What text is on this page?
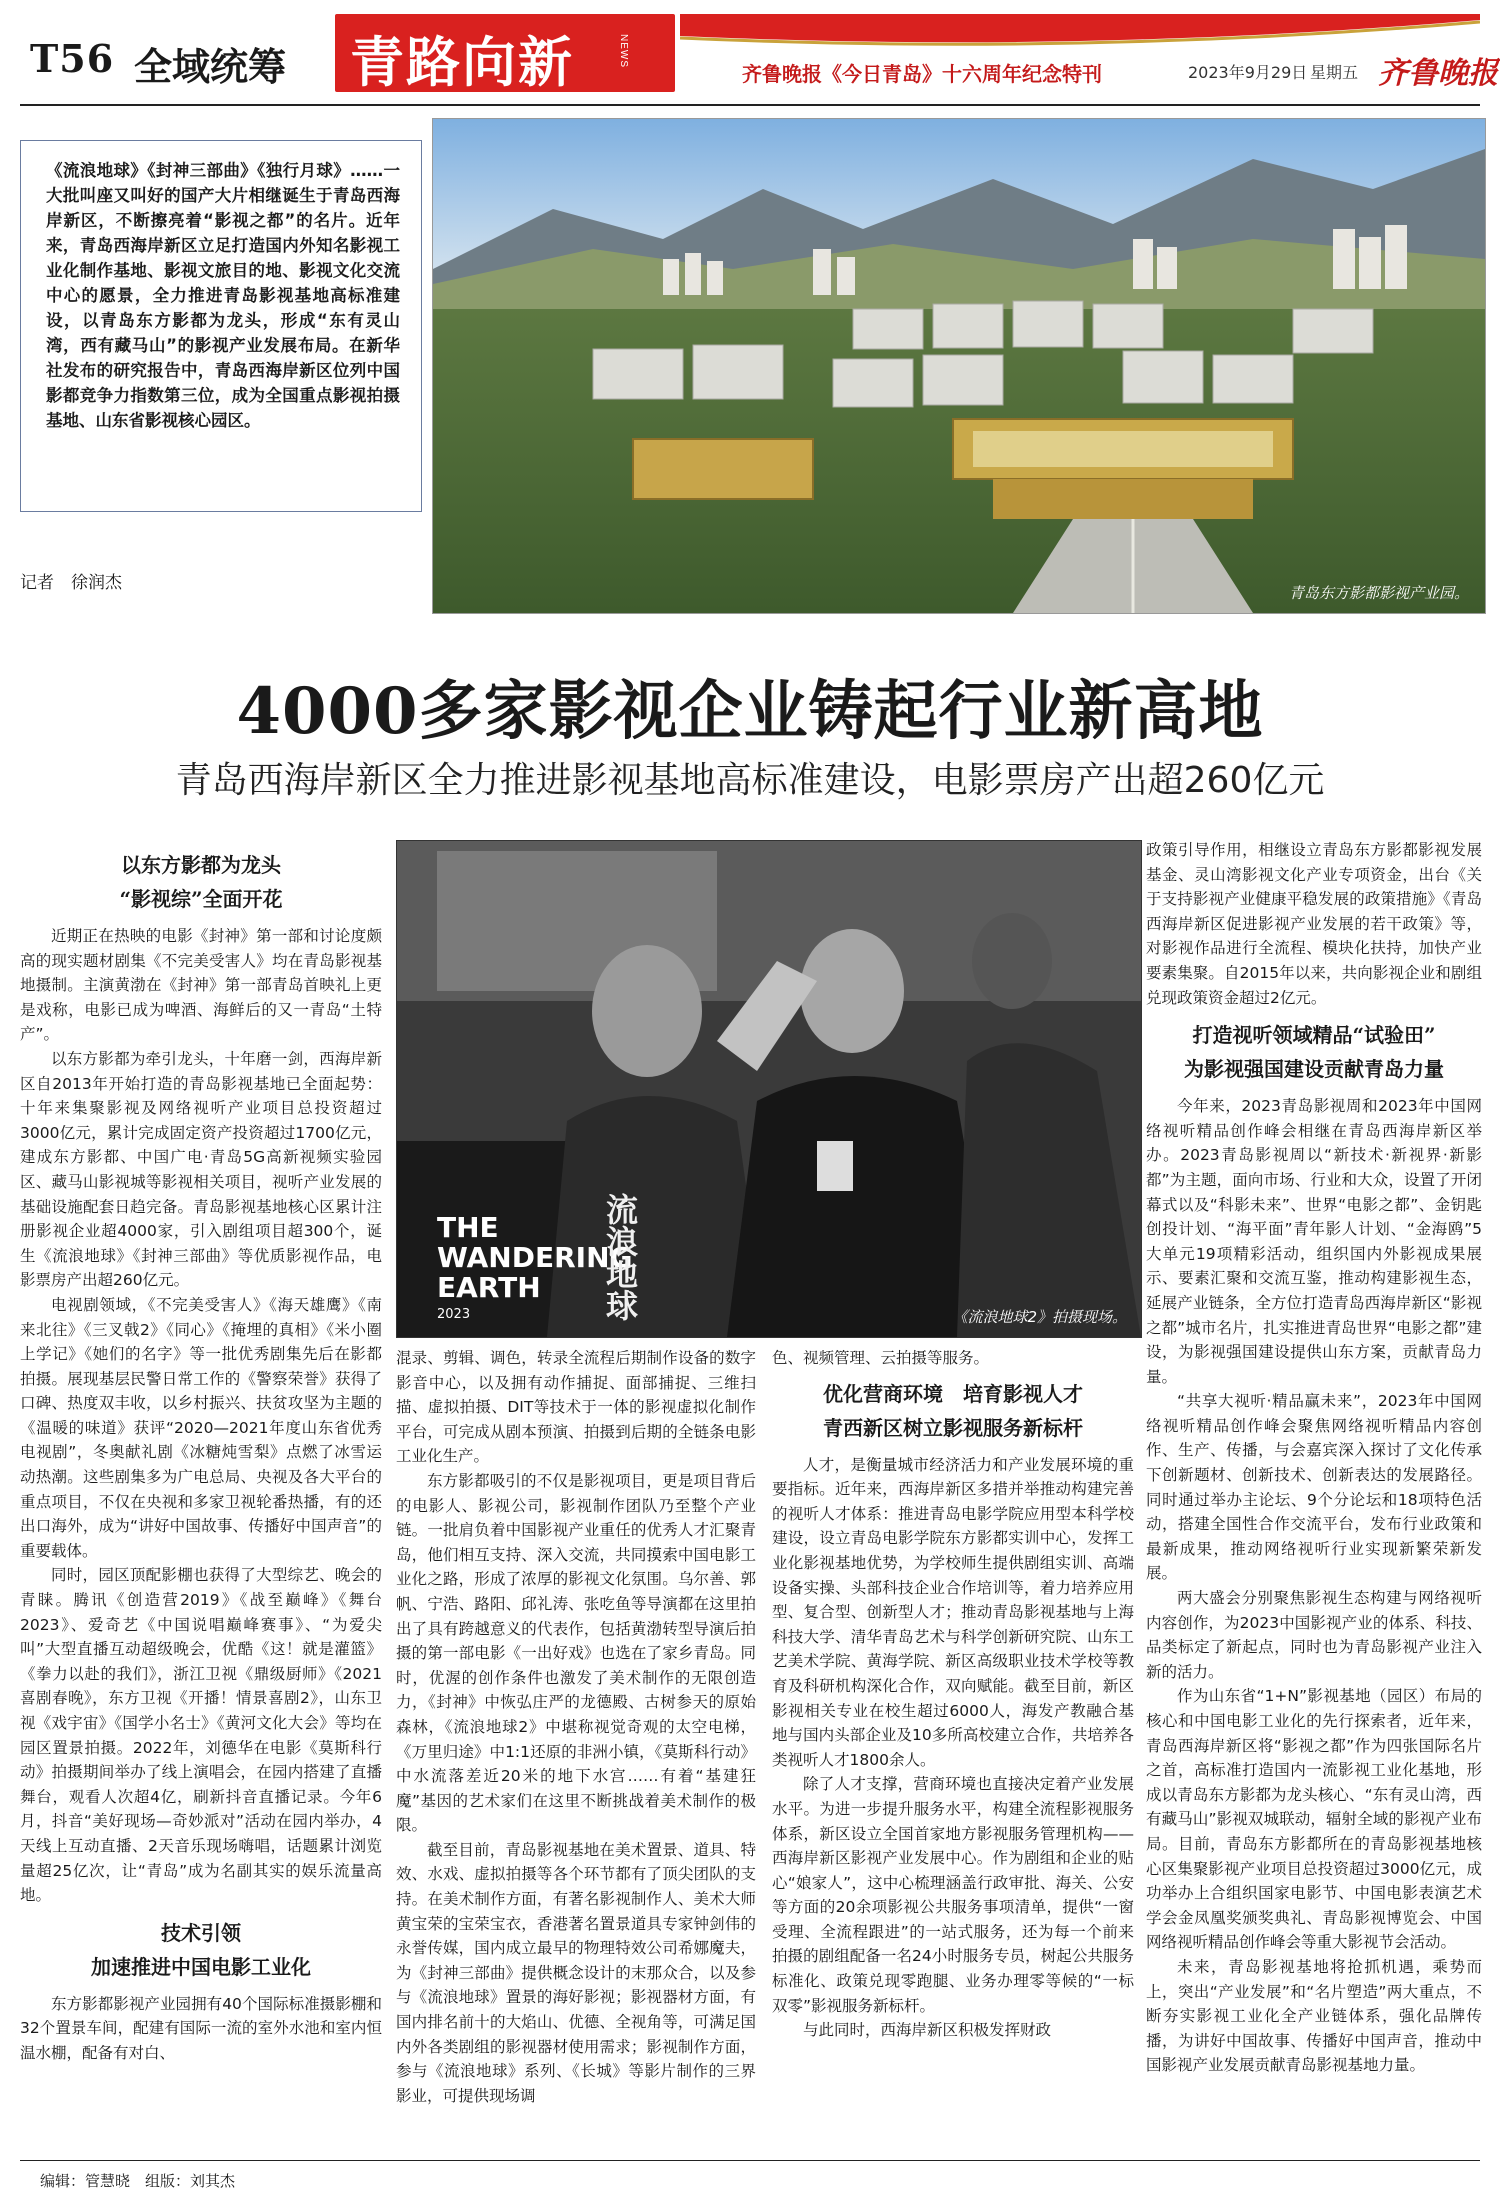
T56 全域统筹 青路向新	NEWS
齐鲁晚报《今日青岛》十六周年纪念特刊	2023年9月29日 星期五 齐鲁晚报
《流浪地球》《封神三部曲》《独行月球》……一大批叫座又叫好的国产大片相继诞生于青岛西海岸新区，不断擦亮着“影视之都”的名片。近年来，青岛西海岸新区立足打造国内外知名影视工业化制作基地、影视文旅目的地、影视文化交流中心的愿景，全力推进青岛影视基地高标准建设，以青岛东方影都为龙头，形成“东有灵山湾，西有藏马山”的影视产业发展布局。在新华社发布的研究报告中，青岛西海岸新区位列中国影都竞争力指数第三位，成为全国重点影视拍摄基地、山东省影视核心园区。
记者　徐润杰	青岛东方影都影视产业园。
4000多家影视企业铸起行业新高地
青岛西海岸新区全力推进影视基地高标准建设，电影票房产出超260亿元
以东方影都为龙头
“影视综”全面开花

近期正在热映的电影《封神》第一部和讨论度颇高的现实题材剧集《不完美受害人》均在青岛影视基地摄制。主演黄渤在《封神》第一部青岛首映礼上更是戏称，电影已成为啤酒、海鲜后的又一青岛“土特产”。

以东方影都为牵引龙头，十年磨一剑，西海岸新区自2013年开始打造的青岛影视基地已全面起势：十年来集聚影视及网络视听产业项目总投资超过3000亿元，累计完成固定资产投资超过1700亿元，建成东方影都、中国广电·青岛5G高新视频实验园区、藏马山影视城等影视相关项目，视听产业发展的基础设施配套日趋完备。青岛影视基地核心区累计注册影视企业超4000家，引入剧组项目超300个，诞生《流浪地球》《封神三部曲》等优质影视作品，电影票房产出超260亿元。

电视剧领域，《不完美受害人》《海天雄鹰》《南来北往》《三叉戟2》《同心》《掩埋的真相》《米小圈上学记》《她们的名字》等一批优秀剧集先后在影都拍摄。展现基层民警日常工作的《警察荣誉》获得了口碑、热度双丰收，以乡村振兴、扶贫攻坚为主题的《温暖的味道》获评“2020—2021年度山东省优秀电视剧”，冬奥献礼剧《冰糖炖雪梨》点燃了冰雪运动热潮。这些剧集多为广电总局、央视及各大平台的重点项目，不仅在央视和多家卫视轮番热播，有的还出口海外，成为“讲好中国故事、传播好中国声音”的重要载体。

同时，园区顶配影棚也获得了大型综艺、晚会的青睐。腾讯《创造营2019》《战至巅峰》《舞台2023》、爱奇艺《中国说唱巅峰赛事》、“为爱尖叫”大型直播互动超级晚会，优酷《这！就是灌篮》《拳力以赴的我们》，浙江卫视《鼎级厨师》《2021喜剧春晚》，东方卫视《开播！情景喜剧2》，山东卫视《戏宇宙》《国学小名士》《黄河文化大会》等均在园区置景拍摄。2022年，刘德华在电影《莫斯科行动》拍摄期间举办了线上演唱会，在园内搭建了直播舞台，观看人次超4亿，刷新抖音直播记录。今年6月，抖音“美好现场—奇妙派对”活动在园内举办，4天线上互动直播、2天音乐现场嗨唱，话题累计浏览量超25亿次，让“青岛”成为名副其实的娱乐流量高地。

技术引领
加速推进中国电影工业化

东方影都影视产业园拥有40个国际标准摄影棚和32个置景车间，配建有国际一流的室外水池和室内恒温水棚，配备有对白、

THE WANDERING EARTH
2023	流浪地球	《流浪地球2》拍摄现场。

混录、剪辑、调色，转录全流程后期制作设备的数字影音中心，以及拥有动作捕捉、面部捕捉、三维扫描、虚拟拍摄、DIT等技术于一体的影视虚拟化制作平台，可完成从剧本预演、拍摄到后期的全链条电影工业化生产。

东方影都吸引的不仅是影视项目，更是项目背后的电影人、影视公司，影视制作团队乃至整个产业链。一批肩负着中国影视产业重任的优秀人才汇聚青岛，他们相互支持、深入交流，共同摸索中国电影工业化之路，形成了浓厚的影视文化氛围。乌尔善、郭帆、宁浩、路阳、邱礼涛、张吃鱼等导演都在这里拍出了具有跨越意义的代表作，包括黄渤转型导演后拍摄的第一部电影《一出好戏》也选在了家乡青岛。同时，优渥的创作条件也激发了美术制作的无限创造力，《封神》中恢弘庄严的龙德殿、古树参天的原始森林，《流浪地球2》中堪称视觉奇观的太空电梯，《万里归途》中1:1还原的非洲小镇，《莫斯科行动》中水流落差近20米的地下水宫……有着“基建狂魔”基因的艺术家们在这里不断挑战着美术制作的极限。

截至目前，青岛影视基地在美术置景、道具、特效、水戏、虚拟拍摄等各个环节都有了顶尖团队的支持。在美术制作方面，有著名影视制作人、美术大师黄宝荣的宝荣宝衣，香港著名置景道具专家钟剑伟的永誉传媒，国内成立最早的物理特效公司希娜魔夫，为《封神三部曲》提供概念设计的末那众合，以及参与《流浪地球》置景的海好影视；影视器材方面，有国内排名前十的大焰山、优德、全视角等，可满足国内外各类剧组的影视器材使用需求；影视制作方面，参与《流浪地球》系列、《长城》等影片制作的三界影业，可提供现场调

色、视频管理、云拍摄等服务。

优化营商环境　培育影视人才
青西新区树立影视服务新标杆

人才，是衡量城市经济活力和产业发展环境的重要指标。近年来，西海岸新区多措并举推动构建完善的视听人才体系：推进青岛电影学院应用型本科学校建设，设立青岛电影学院东方影都实训中心，发挥工业化影视基地优势，为学校师生提供剧组实训、高端设备实操、头部科技企业合作培训等，着力培养应用型、复合型、创新型人才；推动青岛影视基地与上海科技大学、清华青岛艺术与科学创新研究院、山东工艺美术学院、黄海学院、新区高级职业技术学校等教育及科研机构深化合作，双向赋能。截至目前，新区影视相关专业在校生超过6000人，海发产教融合基地与国内头部企业及10多所高校建立合作，共培养各类视听人才1800余人。

除了人才支撑，营商环境也直接决定着产业发展水平。为进一步提升服务水平，构建全流程影视服务体系，新区设立全国首家地方影视服务管理机构——西海岸新区影视产业发展中心。作为剧组和企业的贴心“娘家人”，这中心梳理涵盖行政审批、海关、公安等方面的20余项影视公共服务事项清单，提供“一窗受理、全流程跟进”的一站式服务，还为每一个前来拍摄的剧组配备一名24小时服务专员，树起公共服务标准化、政策兑现零跑腿、业务办理零等候的“一标双零”影视服务新标杆。

与此同时，西海岸新区积极发挥财政

政策引导作用，相继设立青岛东方影都影视发展基金、灵山湾影视文化产业专项资金，出台《关于支持影视产业健康平稳发展的政策措施》《青岛西海岸新区促进影视产业发展的若干政策》等，对影视作品进行全流程、模块化扶持，加快产业要素集聚。自2015年以来，共向影视企业和剧组兑现政策资金超过2亿元。

打造视听领域精品“试验田”
为影视强国建设贡献青岛力量

今年来，2023青岛影视周和2023年中国网络视听精品创作峰会相继在青岛西海岸新区举办。2023青岛影视周以“新技术·新视界·新影都”为主题，面向市场、行业和大众，设置了开闭幕式以及“科影未来”、世界“电影之都”、金钥匙创投计划、“海平面”青年影人计划、“金海鸥”5大单元19项精彩活动，组织国内外影视成果展示、要素汇聚和交流互鉴，推动构建影视生态，延展产业链条，全方位打造青岛西海岸新区“影视之都”城市名片，扎实推进青岛世界“电影之都”建设，为影视强国建设提供山东方案，贡献青岛力量。

“共享大视听·精品赢未来”，2023年中国网络视听精品创作峰会聚焦网络视听精品内容创作、生产、传播，与会嘉宾深入探讨了文化传承下创新题材、创新技术、创新表达的发展路径。同时通过举办主论坛、9个分论坛和18项特色活动，搭建全国性合作交流平台，发布行业政策和最新成果，推动网络视听行业实现新繁荣新发展。

两大盛会分别聚焦影视生态构建与网络视听内容创作，为2023中国影视产业的体系、科技、品类标定了新起点，同时也为青岛影视产业注入新的活力。

作为山东省“1+N”影视基地（园区）布局的核心和中国电影工业化的先行探索者，近年来，青岛西海岸新区将“影视之都”作为四张国际名片之首，高标准打造国内一流影视工业化基地，形成以青岛东方影都为龙头核心、“东有灵山湾，西有藏马山”影视双城联动，辐射全域的影视产业布局。目前，青岛东方影都所在的青岛影视基地核心区集聚影视产业项目总投资超过3000亿元，成功举办上合组织国家电影节、中国电影表演艺术学会金凤凰奖颁奖典礼、青岛影视博览会、中国网络视听精品创作峰会等重大影视节会活动。

未来，青岛影视基地将抢抓机遇，乘势而上，突出“产业发展”和“名片塑造”两大重点，不断夯实影视工业化全产业链体系，强化品牌传播，为讲好中国故事、传播好中国声音，推动中国影视产业发展贡献青岛影视基地力量。

编辑：管慧晓　组版：刘其杰
